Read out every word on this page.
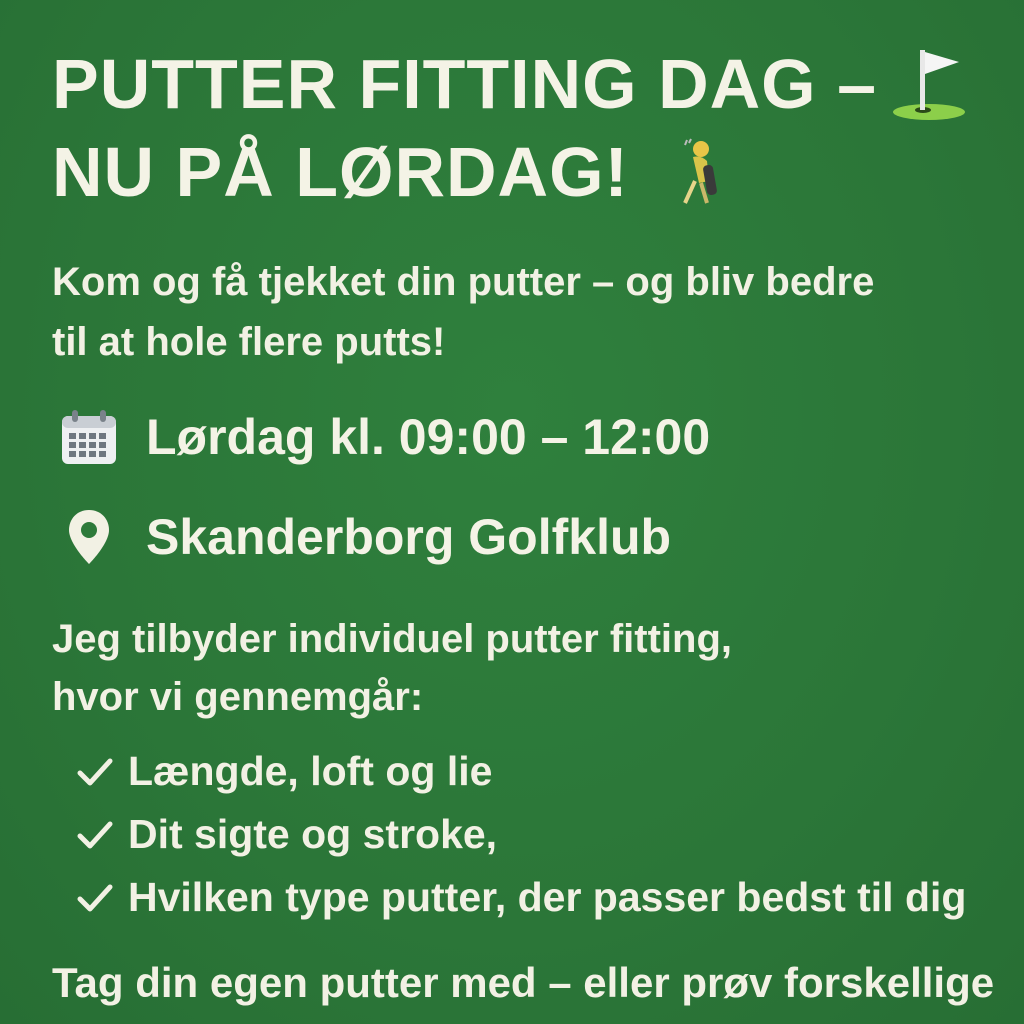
PUTTER FITTING DAG –
NU PÅ LØRDAG!
Kom og få tjekket din putter – og bliv bedre
til at hole flere putts!
Lørdag kl. 09:00 – 12:00
Skanderborg Golfklub
Jeg tilbyder individuel putter fitting,
hvor vi gennemgår:
Længde, loft og lie
Dit sigte og stroke,
Hvilken type putter, der passer bedst til dig
Tag din egen putter med – eller prøv forskellige
